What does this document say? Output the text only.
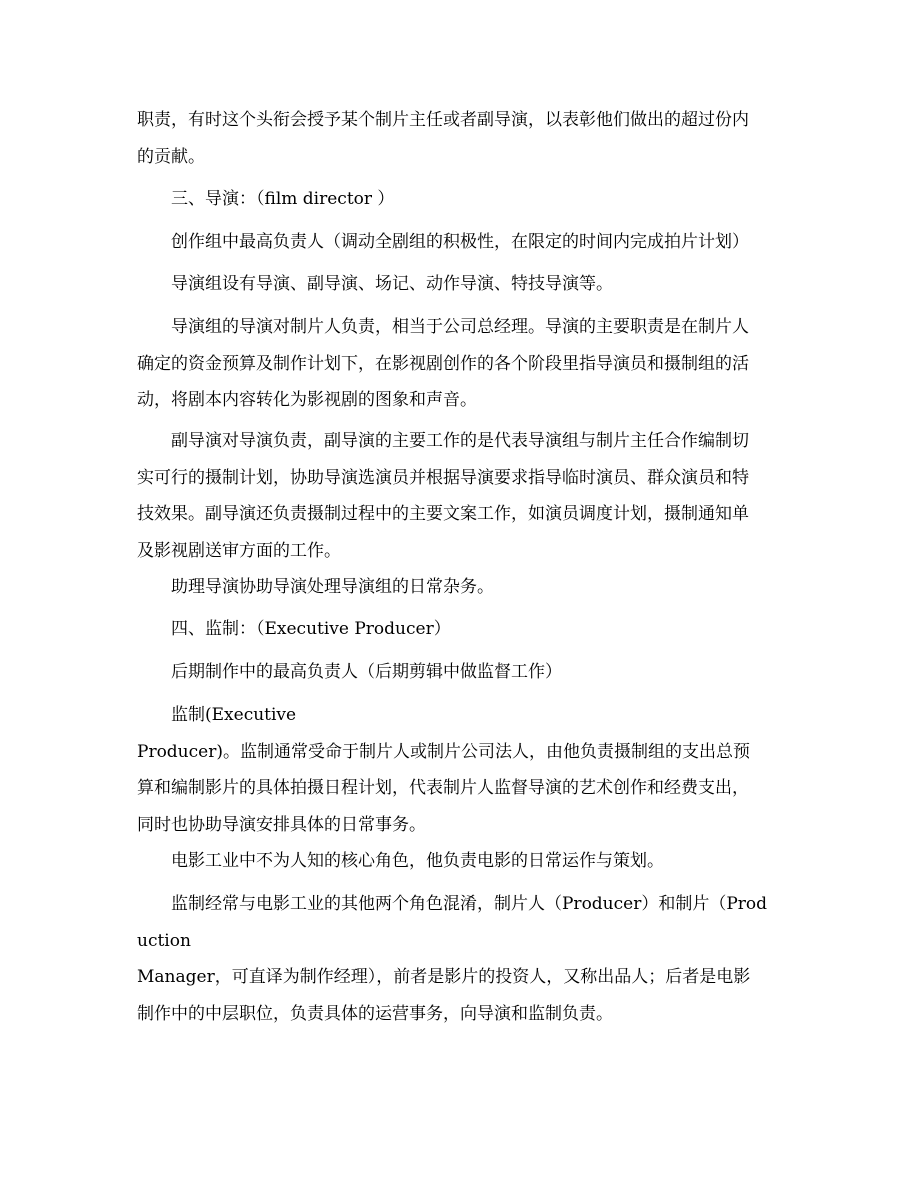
职责，有时这个头衔会授予某个制片主任或者副导演，以表彰他们做出的超过份内
的贡献。

三、导演：（film director ）

创作组中最高负责人（调动全剧组的积极性，在限定的时间内完成拍片计划）

导演组设有导演、副导演、场记、动作导演、特技导演等。

导演组的导演对制片人负责，相当于公司总经理。导演的主要职责是在制片人
确定的资金预算及制作计划下，在影视剧创作的各个阶段里指导演员和摄制组的活
动，将剧本内容转化为影视剧的图象和声音。

副导演对导演负责，副导演的主要工作的是代表导演组与制片主任合作编制切
实可行的摄制计划，协助导演选演员并根据导演要求指导临时演员、群众演员和特
技效果。副导演还负责摄制过程中的主要文案工作，如演员调度计划，摄制通知单
及影视剧送审方面的工作。

助理导演协助导演处理导演组的日常杂务。

四、监制：（Executive Producer）

后期制作中的最高负责人（后期剪辑中做监督工作）

监制(Executive
Producer)。监制通常受命于制片人或制片公司法人，由他负责摄制组的支出总预
算和编制影片的具体拍摄日程计划，代表制片人监督导演的艺术创作和经费支出，
同时也协助导演安排具体的日常事务。

电影工业中不为人知的核心角色，他负责电影的日常运作与策划。

监制经常与电影工业的其他两个角色混淆，制片人（Producer）和制片（Prod
uction
Manager，可直译为制作经理），前者是影片的投资人，又称出品人；后者是电影
制作中的中层职位，负责具体的运营事务，向导演和监制负责。
